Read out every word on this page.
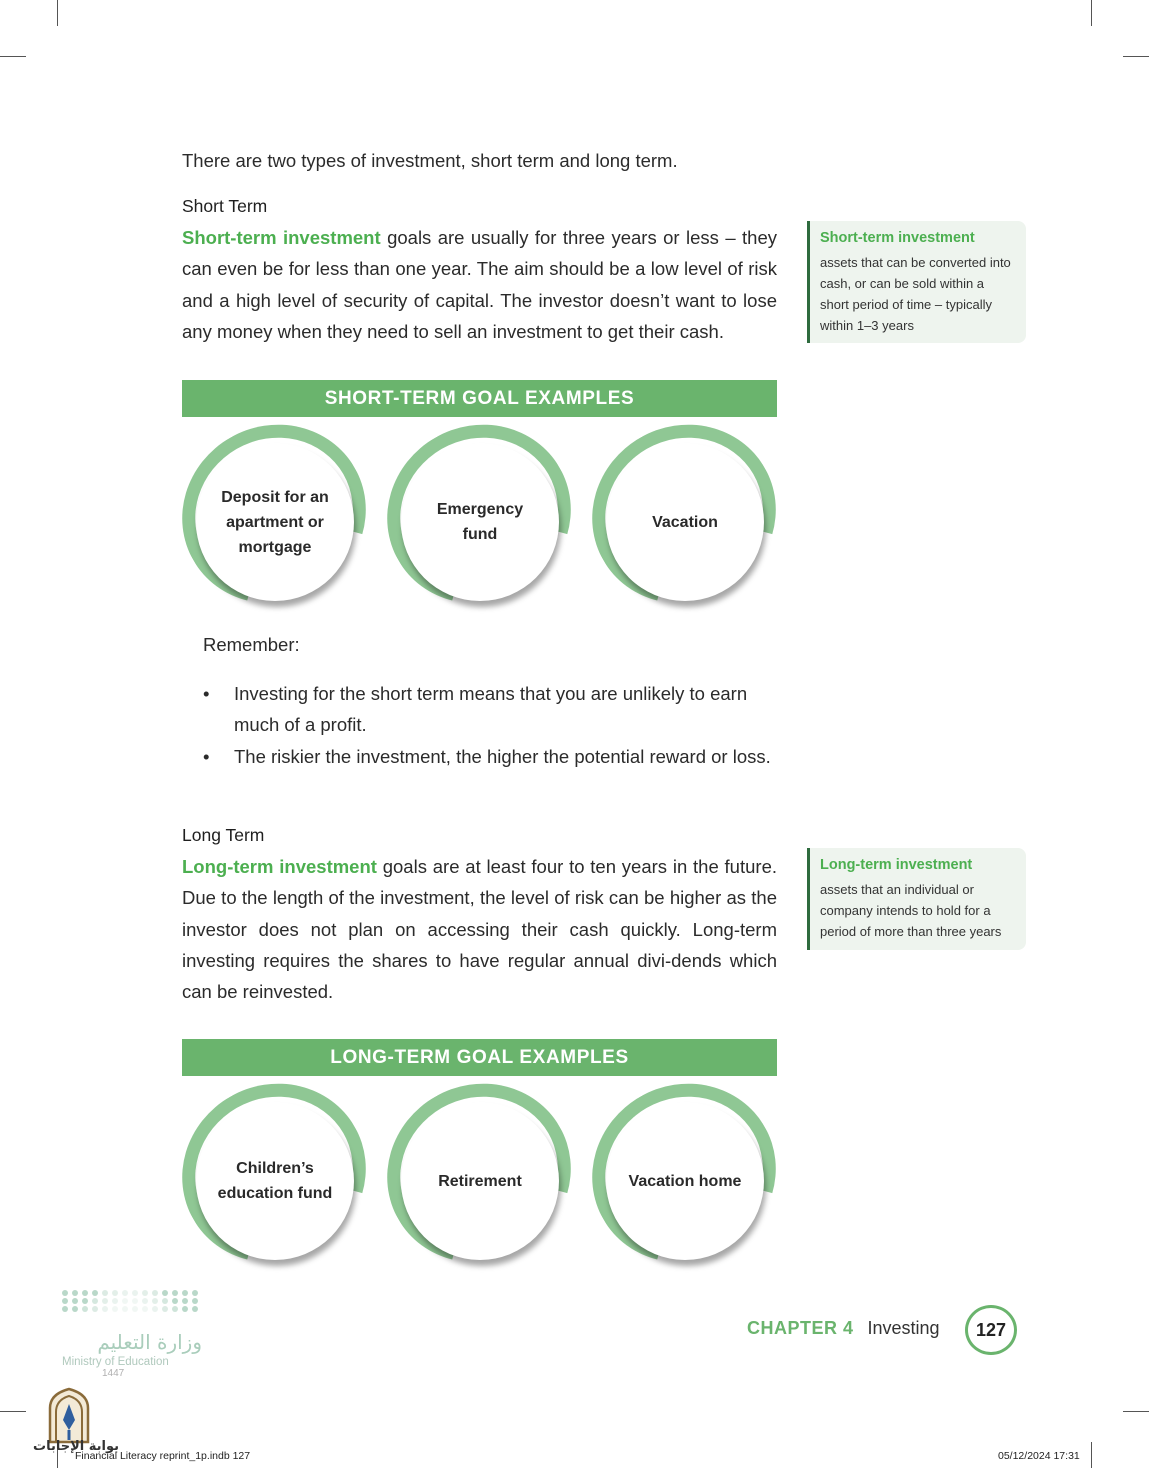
There are two types of investment, short term and long term.

Short Term

Short-term investment goals are usually for three years or less – they can even be for less than one year. The aim should be a low level of risk and a high level of security of capital. The investor doesn’t want to lose any money when they need to sell an investment to get their cash.

Short-term investment
assets that can be converted into cash, or can be sold within a short period of time – typically within 1–3 years
SHORT-TERM GOAL EXAMPLES
Deposit for an apartment or mortgage
Emergency fund
Vacation
Remember:
• Investing for the short term means that you are unlikely to earn much of a profit.
• The riskier the investment, the higher the potential reward or loss.
Long Term

Long-term investment goals are at least four to ten years in the future. Due to the length of the investment, the level of risk can be higher as the investor does not plan on accessing their cash quickly. Long-term investing requires the shares to have regular annual divi-dends which can be reinvested.

Long-term investment
assets that an individual or company intends to hold for a period of more than three years
LONG-TERM GOAL EXAMPLES
Children’s education fund
Retirement	Vacation home
وزارة التعليم
Ministry of Education
1447
بوابة الإجابات
CHAPTER 4 Investing	127
Financial Literacy reprint_1p.indb 127	05/12/2024 17:31
